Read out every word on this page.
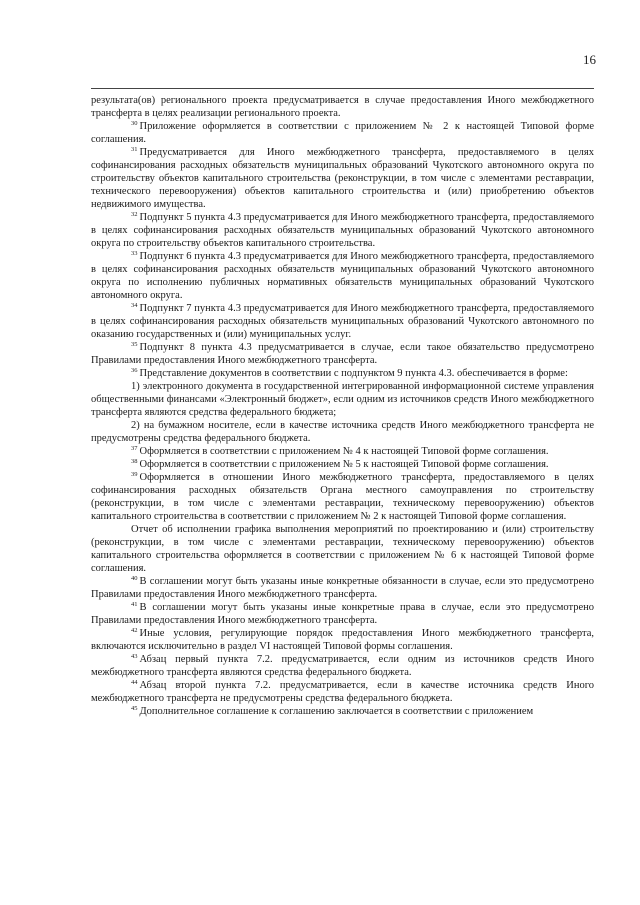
16

результата(ов) регионального проекта предусматривается в случае предоставления Иного межбюджетного трансферта в целях реализации регионального проекта.

$^{30}$ Приложение оформляется в соответствии с приложением № 2 к настоящей Типовой форме соглашения.

$^{31}$ Предусматривается для Иного межбюджетного трансферта, предоставляемого в целях софинансирования расходных обязательств муниципальных образований Чукотского автономного округа по строительству объектов капитального строительства (реконструкции, в том числе с элементами реставрации, технического перевооружения) объектов капитального строительства и (или) приобретению объектов недвижимого имущества.

$^{32}$ Подпункт 5 пункта 4.3 предусматривается для Иного межбюджетного трансферта, предоставляемого в целях софинансирования расходных обязательств муниципальных образований Чукотского автономного округа по строительству объектов капитального строительства.

$^{33}$ Подпункт 6 пункта 4.3 предусматривается для Иного межбюджетного трансферта, предоставляемого в целях софинансирования расходных обязательств муниципальных образований Чукотского автономного округа по исполнению публичных нормативных обязательств муниципальных образований Чукотского автономного округа.

$^{34}$ Подпункт 7 пункта 4.3 предусматривается для Иного межбюджетного трансферта, предоставляемого в целях софинансирования расходных обязательств муниципальных образований Чукотского автономного по оказанию государственных и (или) муниципальных услуг.

$^{35}$ Подпункт 8 пункта 4.3 предусматривается в случае, если такое обязательство предусмотрено Правилами предоставления Иного межбюджетного трансферта.

$^{36}$ Представление документов в соответствии с подпунктом 9 пункта 4.3. обеспечивается в форме:

1) электронного документа в государственной интегрированной информационной системе управления общественными финансами «Электронный бюджет», если одним из источников средств Иного межбюджетного трансферта являются средства федерального бюджета;

2) на бумажном носителе, если в качестве источника средств Иного межбюджетного трансферта не предусмотрены средства федерального бюджета.

$^{37}$ Оформляется в соответствии с приложением № 4 к настоящей Типовой форме соглашения.

$^{38}$ Оформляется в соответствии с приложением № 5 к настоящей Типовой форме соглашения.

$^{39}$ Оформляется в отношении Иного межбюджетного трансферта, предоставляемого в целях софинансирования расходных обязательств Органа местного самоуправления по строительству (реконструкции, в том числе с элементами реставрации, техническому перевооружению) объектов капитального строительства в соответствии с приложением № 2 к настоящей Типовой форме соглашения.

Отчет об исполнении графика выполнения мероприятий по проектированию и (или) строительству (реконструкции, в том числе с элементами реставрации, техническому перевооружению) объектов капитального строительства оформляется в соответствии с приложением № 6 к настоящей Типовой форме соглашения.

$^{40}$ В соглашении могут быть указаны иные конкретные обязанности в случае, если это предусмотрено Правилами предоставления Иного межбюджетного трансферта.

$^{41}$ В соглашении могут быть указаны иные конкретные права в случае, если это предусмотрено Правилами предоставления Иного межбюджетного трансферта.

$^{42}$ Иные условия, регулирующие порядок предоставления Иного межбюджетного трансферта, включаются исключительно в раздел VI настоящей Типовой формы соглашения.

$^{43}$ Абзац первый пункта 7.2. предусматривается, если одним из источников средств Иного межбюджетного трансферта являются средства федерального бюджета.

$^{44}$ Абзац второй пункта 7.2. предусматривается, если в качестве источника средств Иного межбюджетного трансферта не предусмотрены средства федерального бюджета.

$^{45}$ Дополнительное соглашение к соглашению заключается в соответствии с приложением
